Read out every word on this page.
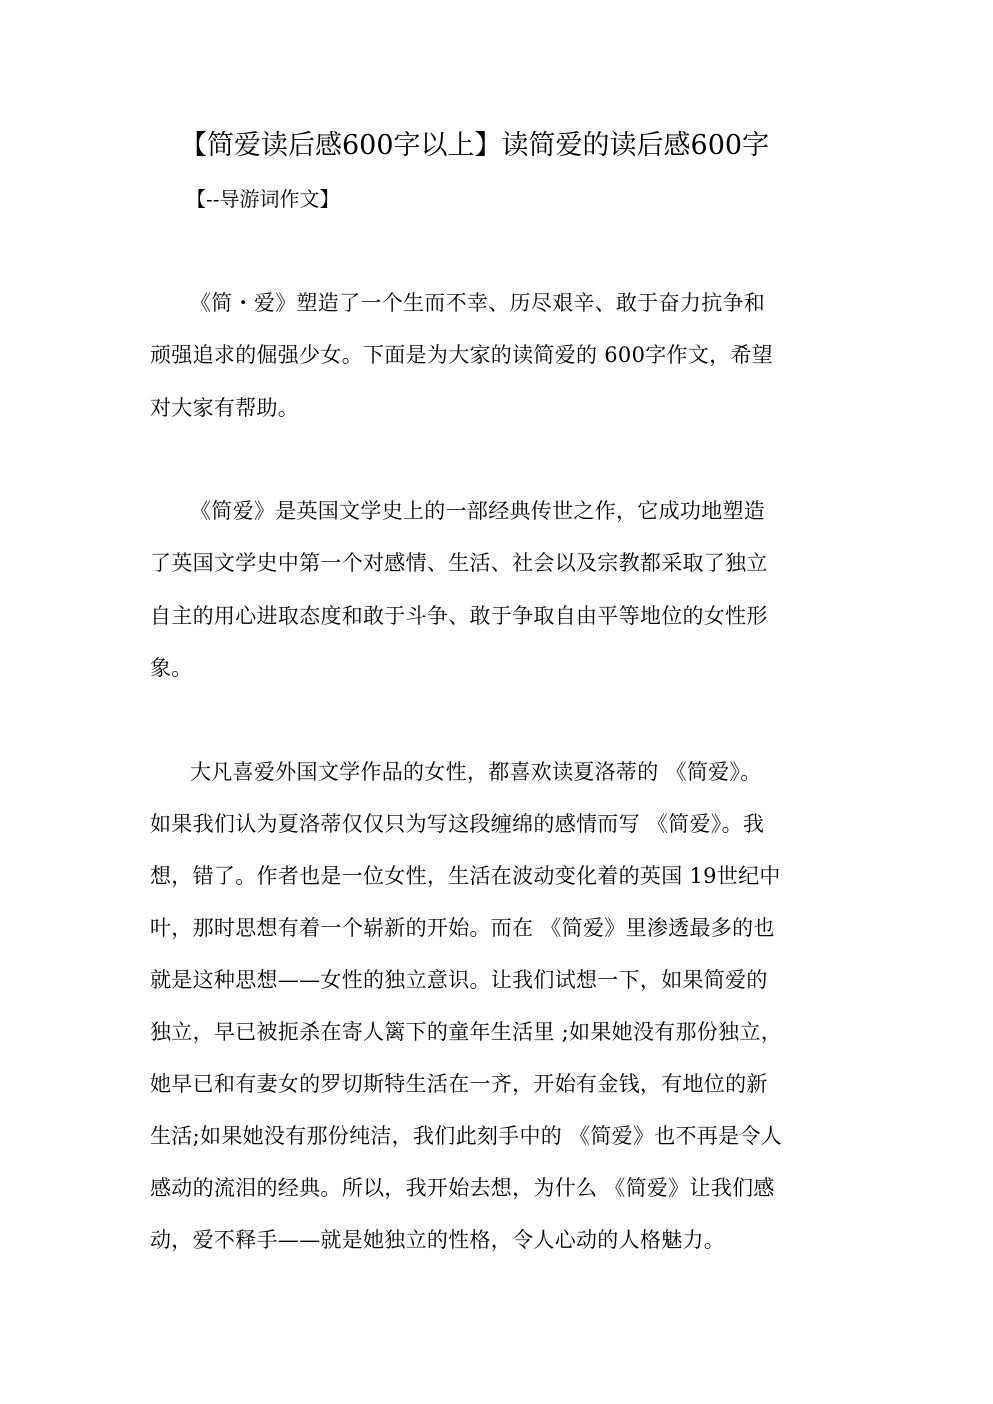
【简爱读后感600字以上】读简爱的读后感600字
【--导游词作文】
《简・爱》塑造了一个生而不幸、历尽艰辛、敢于奋力抗争和
顽强追求的倔强少女。下面是为大家的读简爱的 600字作文，希望
对大家有帮助。
《简爱》是英国文学史上的一部经典传世之作，它成功地塑造
了英国文学史中第一个对感情、生活、社会以及宗教都采取了独立
自主的用心进取态度和敢于斗争、敢于争取自由平等地位的女性形
象。
大凡喜爱外国文学作品的女性，都喜欢读夏洛蒂的 《简爱》。
如果我们认为夏洛蒂仅仅只为写这段缠绵的感情而写 《简爱》。我
想，错了。作者也是一位女性，生活在波动变化着的英国 19世纪中
叶，那时思想有着一个崭新的开始。而在 《简爱》里渗透最多的也
就是这种思想——女性的独立意识。让我们试想一下，如果简爱的
独立，早已被扼杀在寄人篱下的童年生活里 ;如果她没有那份独立，
她早已和有妻女的罗切斯特生活在一齐，开始有金钱，有地位的新
生活;如果她没有那份纯洁，我们此刻手中的 《简爱》也不再是令人
感动的流泪的经典。所以，我开始去想，为什么 《简爱》让我们感
动，爱不释手——就是她独立的性格，令人心动的人格魅力。
